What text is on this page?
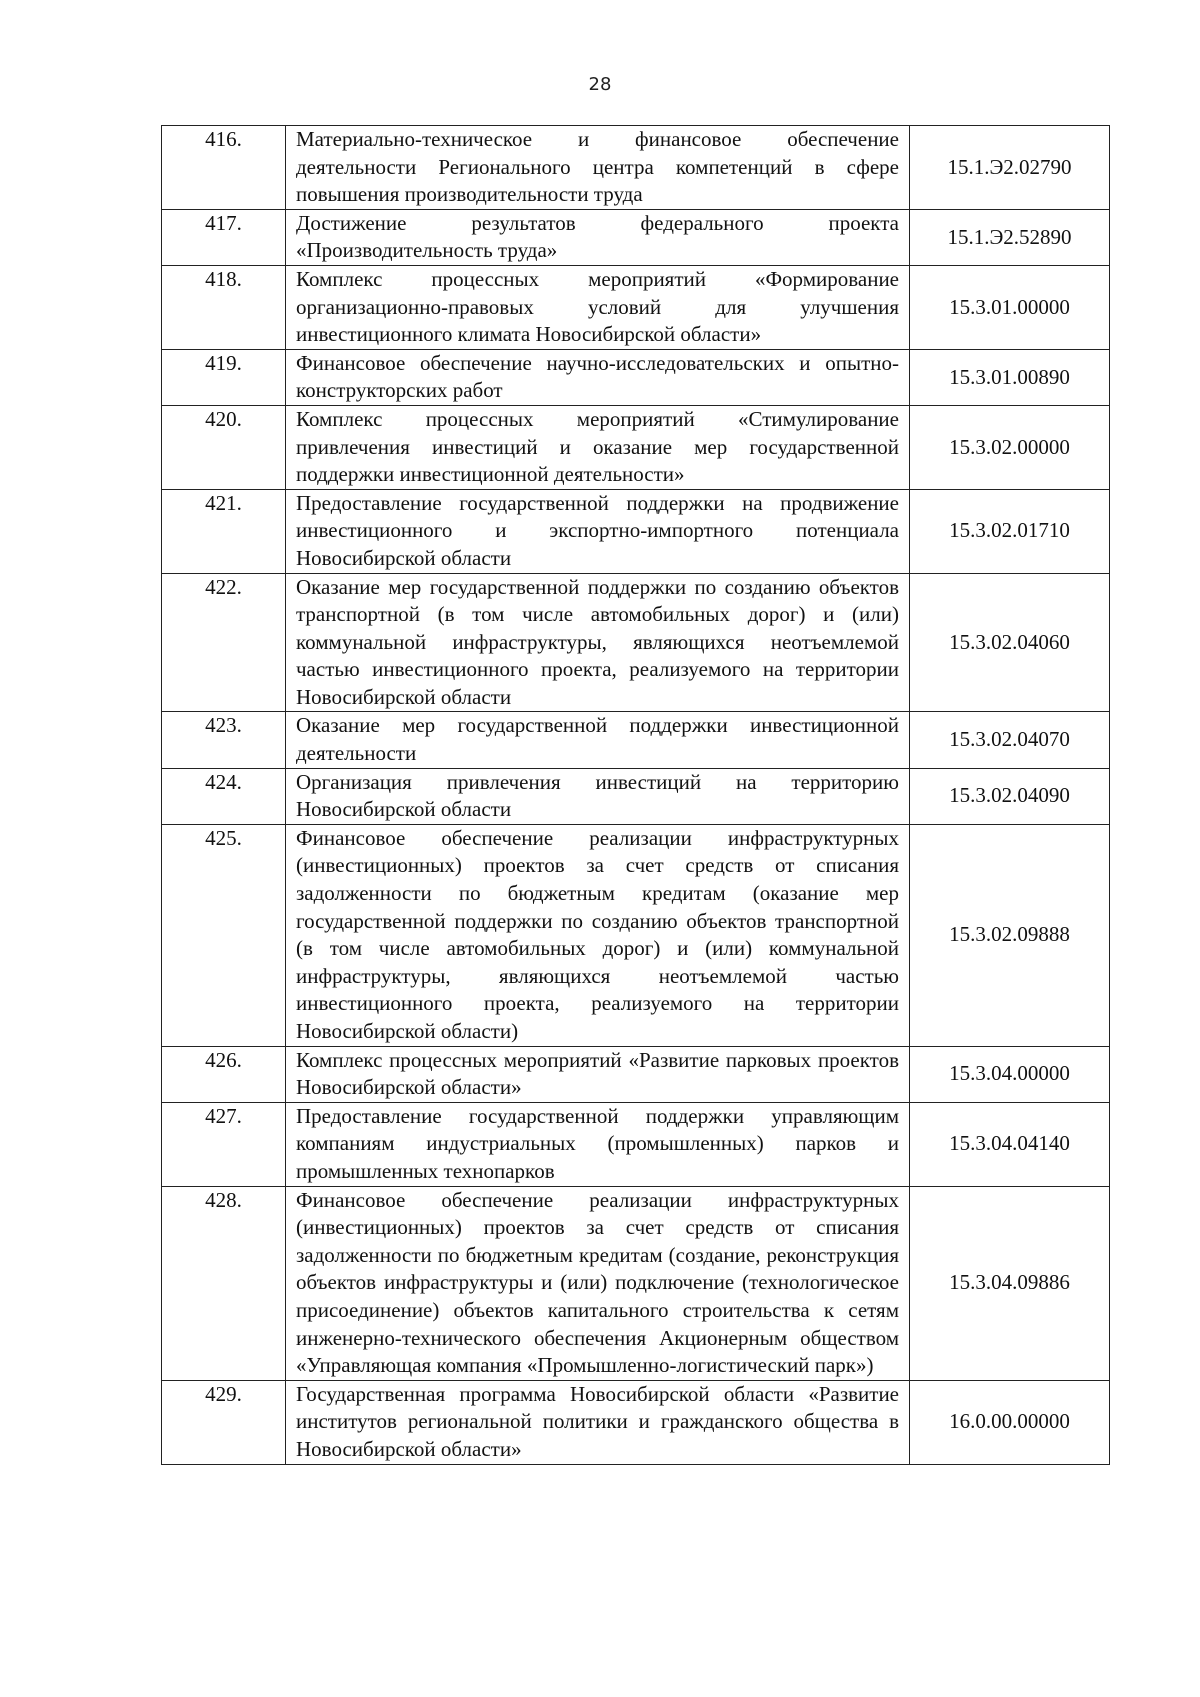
28
416.	Материально-техническое и финансовое обеспечение деятельности Регионального центра компетенций в сфере повышения производительности труда	15.1.Э2.02790
417.	Достижение результатов федерального проекта «Производительность труда»	15.1.Э2.52890
418.	Комплекс процессных мероприятий «Формирование организационно-правовых условий для улучшения инвестиционного климата Новосибирской области»	15.3.01.00000
419.	Финансовое обеспечение научно-исследовательских и опытно-конструкторских работ	15.3.01.00890
420.	Комплекс процессных мероприятий «Стимулирование привлечения инвестиций и оказание мер государственной поддержки инвестиционной деятельности»	15.3.02.00000
421.	Предоставление государственной поддержки на продвижение инвестиционного и экспортно-импортного потенциала Новосибирской области	15.3.02.01710
422.	Оказание мер государственной поддержки по созданию объектов транспортной (в том числе автомобильных дорог) и (или) коммунальной инфраструктуры, являющихся неотъемлемой частью инвестиционного проекта, реализуемого на территории Новосибирской области	15.3.02.04060
423.	Оказание мер государственной поддержки инвестиционной деятельности	15.3.02.04070
424.	Организация привлечения инвестиций на территорию Новосибирской области	15.3.02.04090
425.	Финансовое обеспечение реализации инфраструктурных (инвестиционных) проектов за счет средств от списания задолженности по бюджетным кредитам (оказание мер государственной поддержки по созданию объектов транспортной (в том числе автомобильных дорог) и (или) коммунальной инфраструктуры, являющихся неотъемлемой частью инвестиционного проекта, реализуемого на территории Новосибирской области)	15.3.02.09888
426.	Комплекс процессных мероприятий «Развитие парковых проектов Новосибирской области»	15.3.04.00000
427.	Предоставление государственной поддержки управляющим компаниям индустриальных (промышленных) парков и промышленных технопарков	15.3.04.04140
428.	Финансовое обеспечение реализации инфраструктурных (инвестиционных) проектов за счет средств от списания задолженности по бюджетным кредитам (создание, реконструкция объектов инфраструктуры и (или) подключение (технологическое присоединение) объектов капитального строительства к сетям инженерно-технического обеспечения Акционерным обществом «Управляющая компания «Промышленно-логистический парк»)	15.3.04.09886
429.	Государственная программа Новосибирской области «Развитие институтов региональной политики и гражданского общества в Новосибирской области»	16.0.00.00000
